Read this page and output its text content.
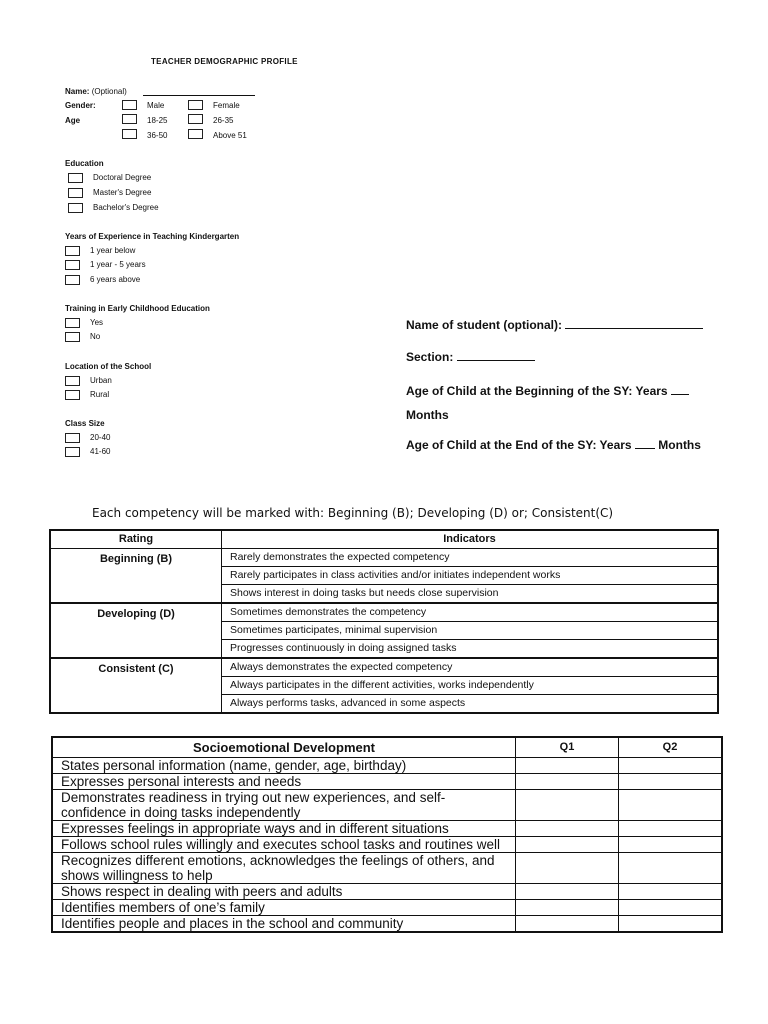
TEACHER DEMOGRAPHIC PROFILE
Name: (Optional)
Gender:	Male	Female
Age	18-25	26-35
36-50	Above 51
Education
Doctoral Degree
Master's Degree
Bachelor's Degree
Years of Experience in Teaching Kindergarten
1 year below
1 year - 5 years
6 years above
Training in Early Childhood Education
Yes
No
Location of the School
Urban
Rural
Class Size
20-40
41-60
Name of student (optional):
Section:
Age of Child at the Beginning of the SY: Years
Months
Age of Child at the End of the SY: Years Months
Each competency will be marked with: Beginning (B); Developing (D) or; Consistent(C)
Rating	Indicators
Beginning (B)	Rarely demonstrates the expected competency
	Rarely participates in class activities and/or initiates independent works
	Shows interest in doing tasks but needs close supervision
Developing (D)	Sometimes demonstrates the competency
	Sometimes participates, minimal supervision
	Progresses continuously in doing assigned tasks
Consistent (C)	Always demonstrates the expected competency
	Always participates in the different activities, works independently
	Always performs tasks, advanced in some aspects
Socioemotional Development	Q1	Q2
States personal information (name, gender, age, birthday)		
Expresses personal interests and needs		
Demonstrates readiness in trying out new experiences, and self-confidence in doing tasks independently		
Expresses feelings in appropriate ways and in different situations		
Follows school rules willingly and executes school tasks and routines well		
Recognizes different emotions, acknowledges the feelings of others, and shows willingness to help		
Shows respect in dealing with peers and adults		
Identifies members of one’s family		
Identifies people and places in the school and community		
